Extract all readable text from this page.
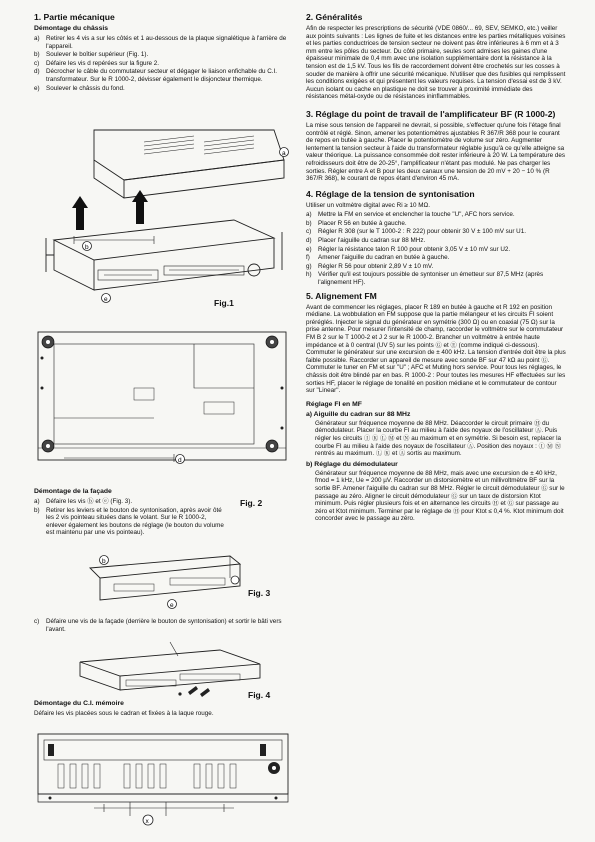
1. Partie mécanique
Démontage du châssis
a)	Retirer les 4 vis a sur les côtés et 1 au-dessous de la plaque signalétique à l'arrière de l'appareil.
b)	Soulever le boîtier supérieur (Fig. 1).
c)	Défaire les vis d repérées sur la figure 2.
d)	Décrocher le câble du commutateur secteur et dégager le liaison enfichable du C.I. transformateur. Sur le R 1000-2, dévisser également le disjoncteur thermique.
e)	Soulever le châssis du fond.
a
b
e	Fig.1
d
Démontage de la façade
a)	Défaire les vis ⓑ et ⓔ (Fig. 3).
b)	Retirer les leviers et le bouton de syntonisation, après avoir ôté les 2 vis pointeau situées dans le volant. Sur le R 1000-2, enlever également les boutons de réglage (le bouton du volume est maintenu par une vis pointeau).
Fig. 2
b
e
Fig. 3
c)	Défaire une vis de la façade (derrière le bouton de syntonisation) et sortir le bâti vers l'avant.
Fig. 4
Démontage du C.I. mémoire

Défaire les vis placées sous le cadran et fixées à la laque rouge.

x
2. Généralités

Afin de respecter les prescriptions de sécurité (VDE 0860/... 69, SEV, SEMKO, etc.) veiller aux points suivants : Les lignes de fuite et les distances entre les parties métalliques voisines et les parties conductrices de tension secteur ne doivent pas être inférieures à 6 mm et à 3 mm entre les pôles du secteur. Du côté primaire, seules sont admises les gaines d'une épaisseur minimale de 0,4 mm avec une isolation supplémentaire dont la résistance à la tension est de 1,5 kV. Tous les fils de raccordement doivent être crochetés sur les cosses à souder de manière à offrir une sécurité mécanique. N'utiliser que des fusibles qui remplissent les conditions exigées et qui présentent les valeurs requises. La tension d'essai est de 3 kV. Aucun isolant ou cache en plastique ne doit se trouver à proximité immédiate des résistances métal-oxyde ou de résistances ininflammables.

3. Réglage du point de travail de l'amplificateur BF (R 1000-2)

La mise sous tension de l'appareil ne devrait, si possible, s'effectuer qu'une fois l'étage final contrôlé et réglé. Sinon, amener les potentiomètres ajustables R 367/R 368 pour le courant de repos en butée à gauche. Placer le potentiomètre de volume sur zéro. Augmenter lentement la tension secteur à l'aide du transformateur réglable jusqu'à ce qu'elle atteigne sa valeur théorique. La puissance consommée doit rester inférieure à 20 W. La température des refroidisseurs doit être de 20-25°, l'amplificateur n'étant pas modulé. Ne pas charger les sorties. Régler entre A et B pour les deux canaux une tension de 20 mV + 20 − 10 % (R 367/R 368), le courant de repos étant d'environ 45 mA.

4. Réglage de la tension de syntonisation

Utiliser un voltmètre digital avec Ri ≥ 10 MΩ.

a)	Mettre la FM en service et enclencher la touche "U", AFC hors service.
b)	Placer R 56 en butée à gauche.
c)	Régler R 308 (sur le T 1000-2 : R 222) pour obtenir 30 V ± 100 mV sur U1.
d)	Placer l'aiguille du cadran sur 88 MHz.
e)	Régler la résistance talon R 100 pour obtenir 3,05 V ± 10 mV sur U2.
f)	Amener l'aiguille du cadran en butée à gauche.
g)	Régler R 56 pour obtenir 2,89 V ± 10 mV.
h)	Vérifier qu'il est toujours possible de syntoniser un émetteur sur 87,5 MHz (après l'alignement HF).
5. Alignement FM

Avant de commencer les réglages, placer R 189 en butée à gauche et R 192 en position médiane. La wobbulation en FM suppose que la partie mélangeur et les circuits FI soient préréglés. Injecter le signal du générateur en symétrie (300 Ω) ou en coaxial (75 Ω) sur la prise antenne. Pour mesurer l'intensité de champ, raccorder le voltmètre sur le commutateur FM B 2 sur le T 1000-2 et J 2 sur le R 1000-2. Brancher un voltmètre à entrée haute impédance et à 0 central (UV 5) sur les points Ⓖ et Ⓔ (comme indiqué ci-dessous). Commuter le générateur sur une excursion de ± 400 kHz. La tension d'entrée doit être la plus faible possible. Raccorder un appareil de mesure avec sonde BF sur 47 kΩ au point Ⓖ. Commuter le tuner en FM et sur "U" ; AFC et Muting hors service. Pour tous les réglages, le châssis doit être blindé par en bas. R 1000-2 : Pour toutes les mesures HF effectuées sur les sorties HF, placer le réglage de tonalité en position médiane et le commutateur de contour sur "Linear".

Réglage FI en MF
a) Aiguille du cadran sur 88 MHz

Générateur sur fréquence moyenne de 88 MHz. Déaccorder le circuit primaire Ⓗ du démodulateur. Placer la courbe FI au milieu à l'aide des noyaux de l'oscillateur Ⓐ. Puis régler les circuits Ⓘ Ⓚ Ⓛ Ⓜ et Ⓝ au maximum et en symétrie. Si besoin est, replacer la courbe FI au milieu à l'aide des noyaux de l'oscillateur Ⓐ. Position des noyaux : Ⓘ Ⓜ Ⓝ rentrés au maximum. Ⓛ Ⓚ et Ⓐ sortis au maximum.

b) Réglage du démodulateur

Générateur sur fréquence moyenne de 88 MHz, mais avec une excursion de ± 40 kHz, fmod = 1 kHz, Ue = 200 µV. Raccorder un distorsiomètre et un millivoltmètre BF sur la sortie BF. Amener l'aiguille du cadran sur 88 MHz. Régler le circuit démodulateur Ⓖ sur le passage au zéro. Aligner le circuit démodulateur Ⓖ sur un taux de distorsion Ktot minimum. Puis régler plusieurs fois et en alternance les circuits Ⓗ et Ⓖ sur passage au zéro et Ktot minimum. Terminer par le réglage de Ⓗ pour Ktot ≤ 0,4 %. Ktot minimum doit concorder avec le passage au zéro.
